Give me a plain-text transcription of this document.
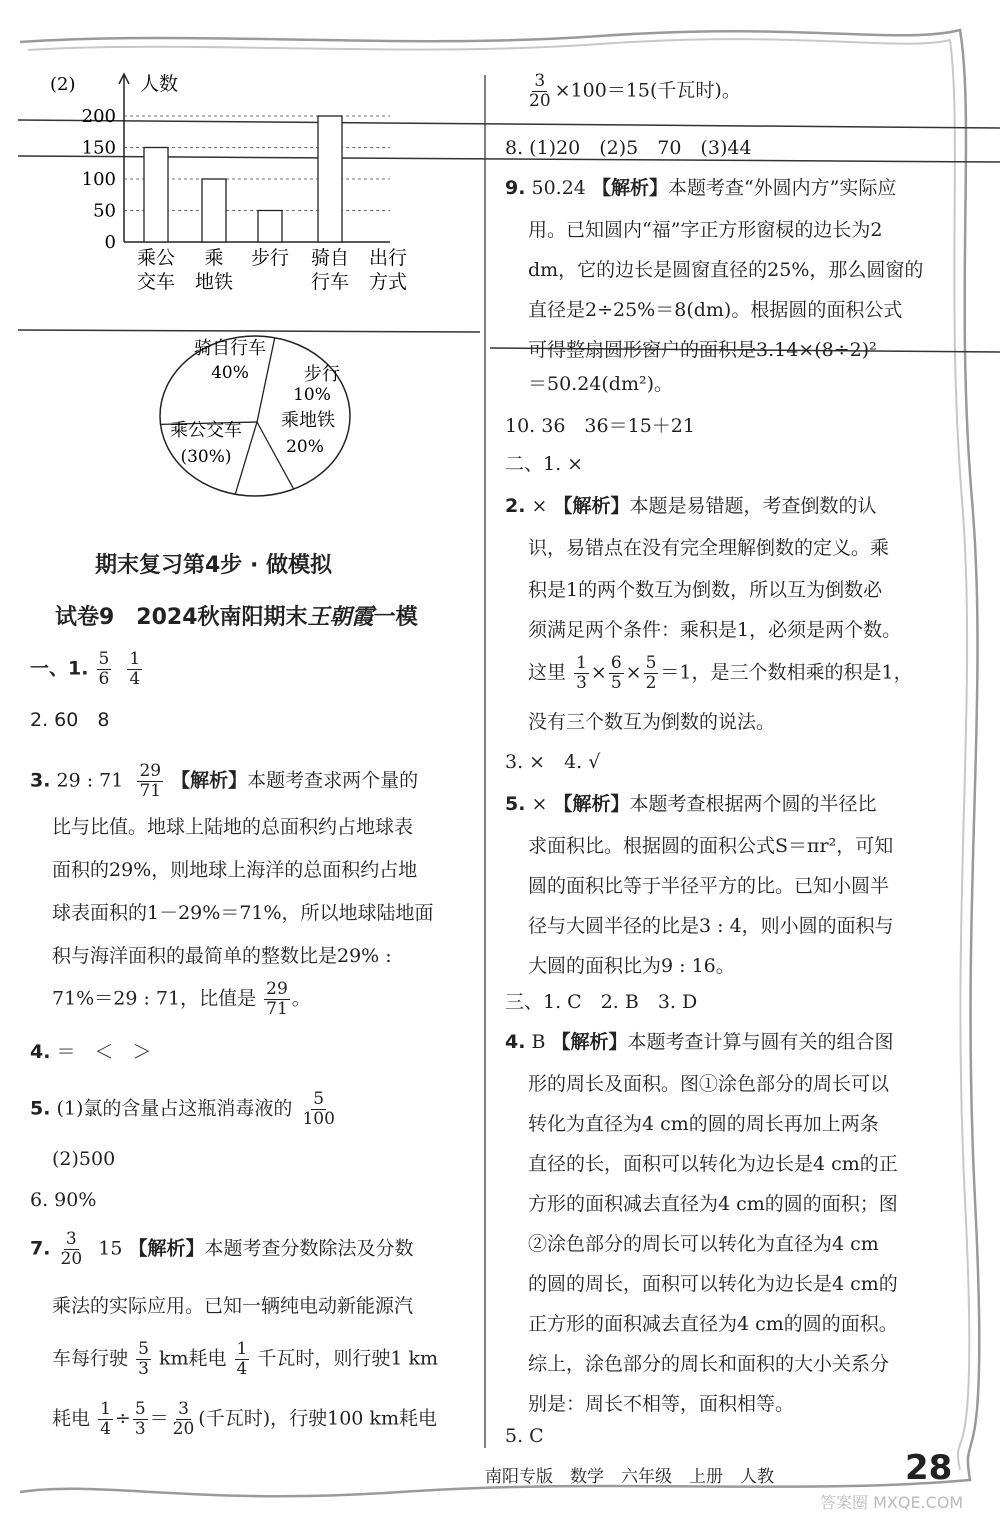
(2)	人数
0
50
100
150
200
乘公
交车
乘
地铁
步行 骑自
行车
出行
方式
骑自行车
40%	步行
10%
乘地铁
20%
乘公交车
(30%)
期末复习第4步 · 做模拟
试卷9　2024秋南阳期末王朝霞一模
一、1. $\frac{5}{6}$
$\frac{1}{4}$
2. 60　8
3. 29 : $71 \frac{29}{71}$ 【解析】本题考查求两个量的
比与比值。地球上陆地的总面积约占地球表
面积的29%，则地球上海洋的总面积约占地
球表面积的1－29%＝71%，所以地球陆地面
积与海洋面积的最简单的整数比是29% :
71%＝29 : 71，比值是 $\frac{29}{71}$ 。
4. ＝　＜　＞
5. (1)氯的含量占这瓶消毒液的 $\frac{5}{100}$
(2)500
6. 90%
7. $\frac{3}{20} 15$ 【解析】本题考查分数除法及分数
乘法的实际应用。已知一辆纯电动新能源汽
车每行驶 $\frac{5}{3}$ km耗电 $\frac{1}{4}$ 千瓦时，则行驶1 km
耗电 $\frac{1}{4} \div \frac{5}{3} = \frac{3}{20}$ (千瓦时)，行驶100 km耗电
$\frac{3}{20} \times 100=15$(千瓦时)。
8. (1)20　(2)5　70　(3)44
9. 50.24 【解析】本题考查“外圆内方”实际应
用。已知圆内“福”字正方形窗棂的边长为2
dm，它的边长是圆窗直径的25%，那么圆窗的
直径是2÷25%＝8(dm)。根据圆的面积公式
可得整扇圆形窗户的面积是3.14×(8÷2)²
＝50.24(dm²)。
10. 36　36＝15＋21
二、1. ×
2. × 【解析】本题是易错题，考查倒数的认
识，易错点在没有完全理解倒数的定义。乘
积是1的两个数互为倒数，所以互为倒数必
须满足两个条件：乘积是1，必须是两个数。
这里 $\frac{1}{3} \times \frac{6}{5} \times \frac{5}{2} =1$，是三个数相乘的积是1，
没有三个数互为倒数的说法。
3. ×　4. √
5. × 【解析】本题考查根据两个圆的半径比
求面积比。根据圆的面积公式S＝πr²，可知
圆的面积比等于半径平方的比。已知小圆半
径与大圆半径的比是3 : 4，则小圆的面积与
大圆的面积比为9 : 16。
三、1. C　2. B　3. D
4. B 【解析】本题考查计算与圆有关的组合图
形的周长及面积。图①涂色部分的周长可以
转化为直径为4 cm的圆的周长再加上两条
直径的长，面积可以转化为边长是4 cm的正
方形的面积减去直径为4 cm的圆的面积；图
②涂色部分的周长可以转化为直径为4 cm
的圆的周长，面积可以转化为边长是4 cm的
正方形的面积减去直径为4 cm的圆的面积。
综上，涂色部分的周长和面积的大小关系分
别是：周长不相等，面积相等。
5. C
南阳专版　数学　六年级　上册　人教	28
答案圈 MXQE.COM
